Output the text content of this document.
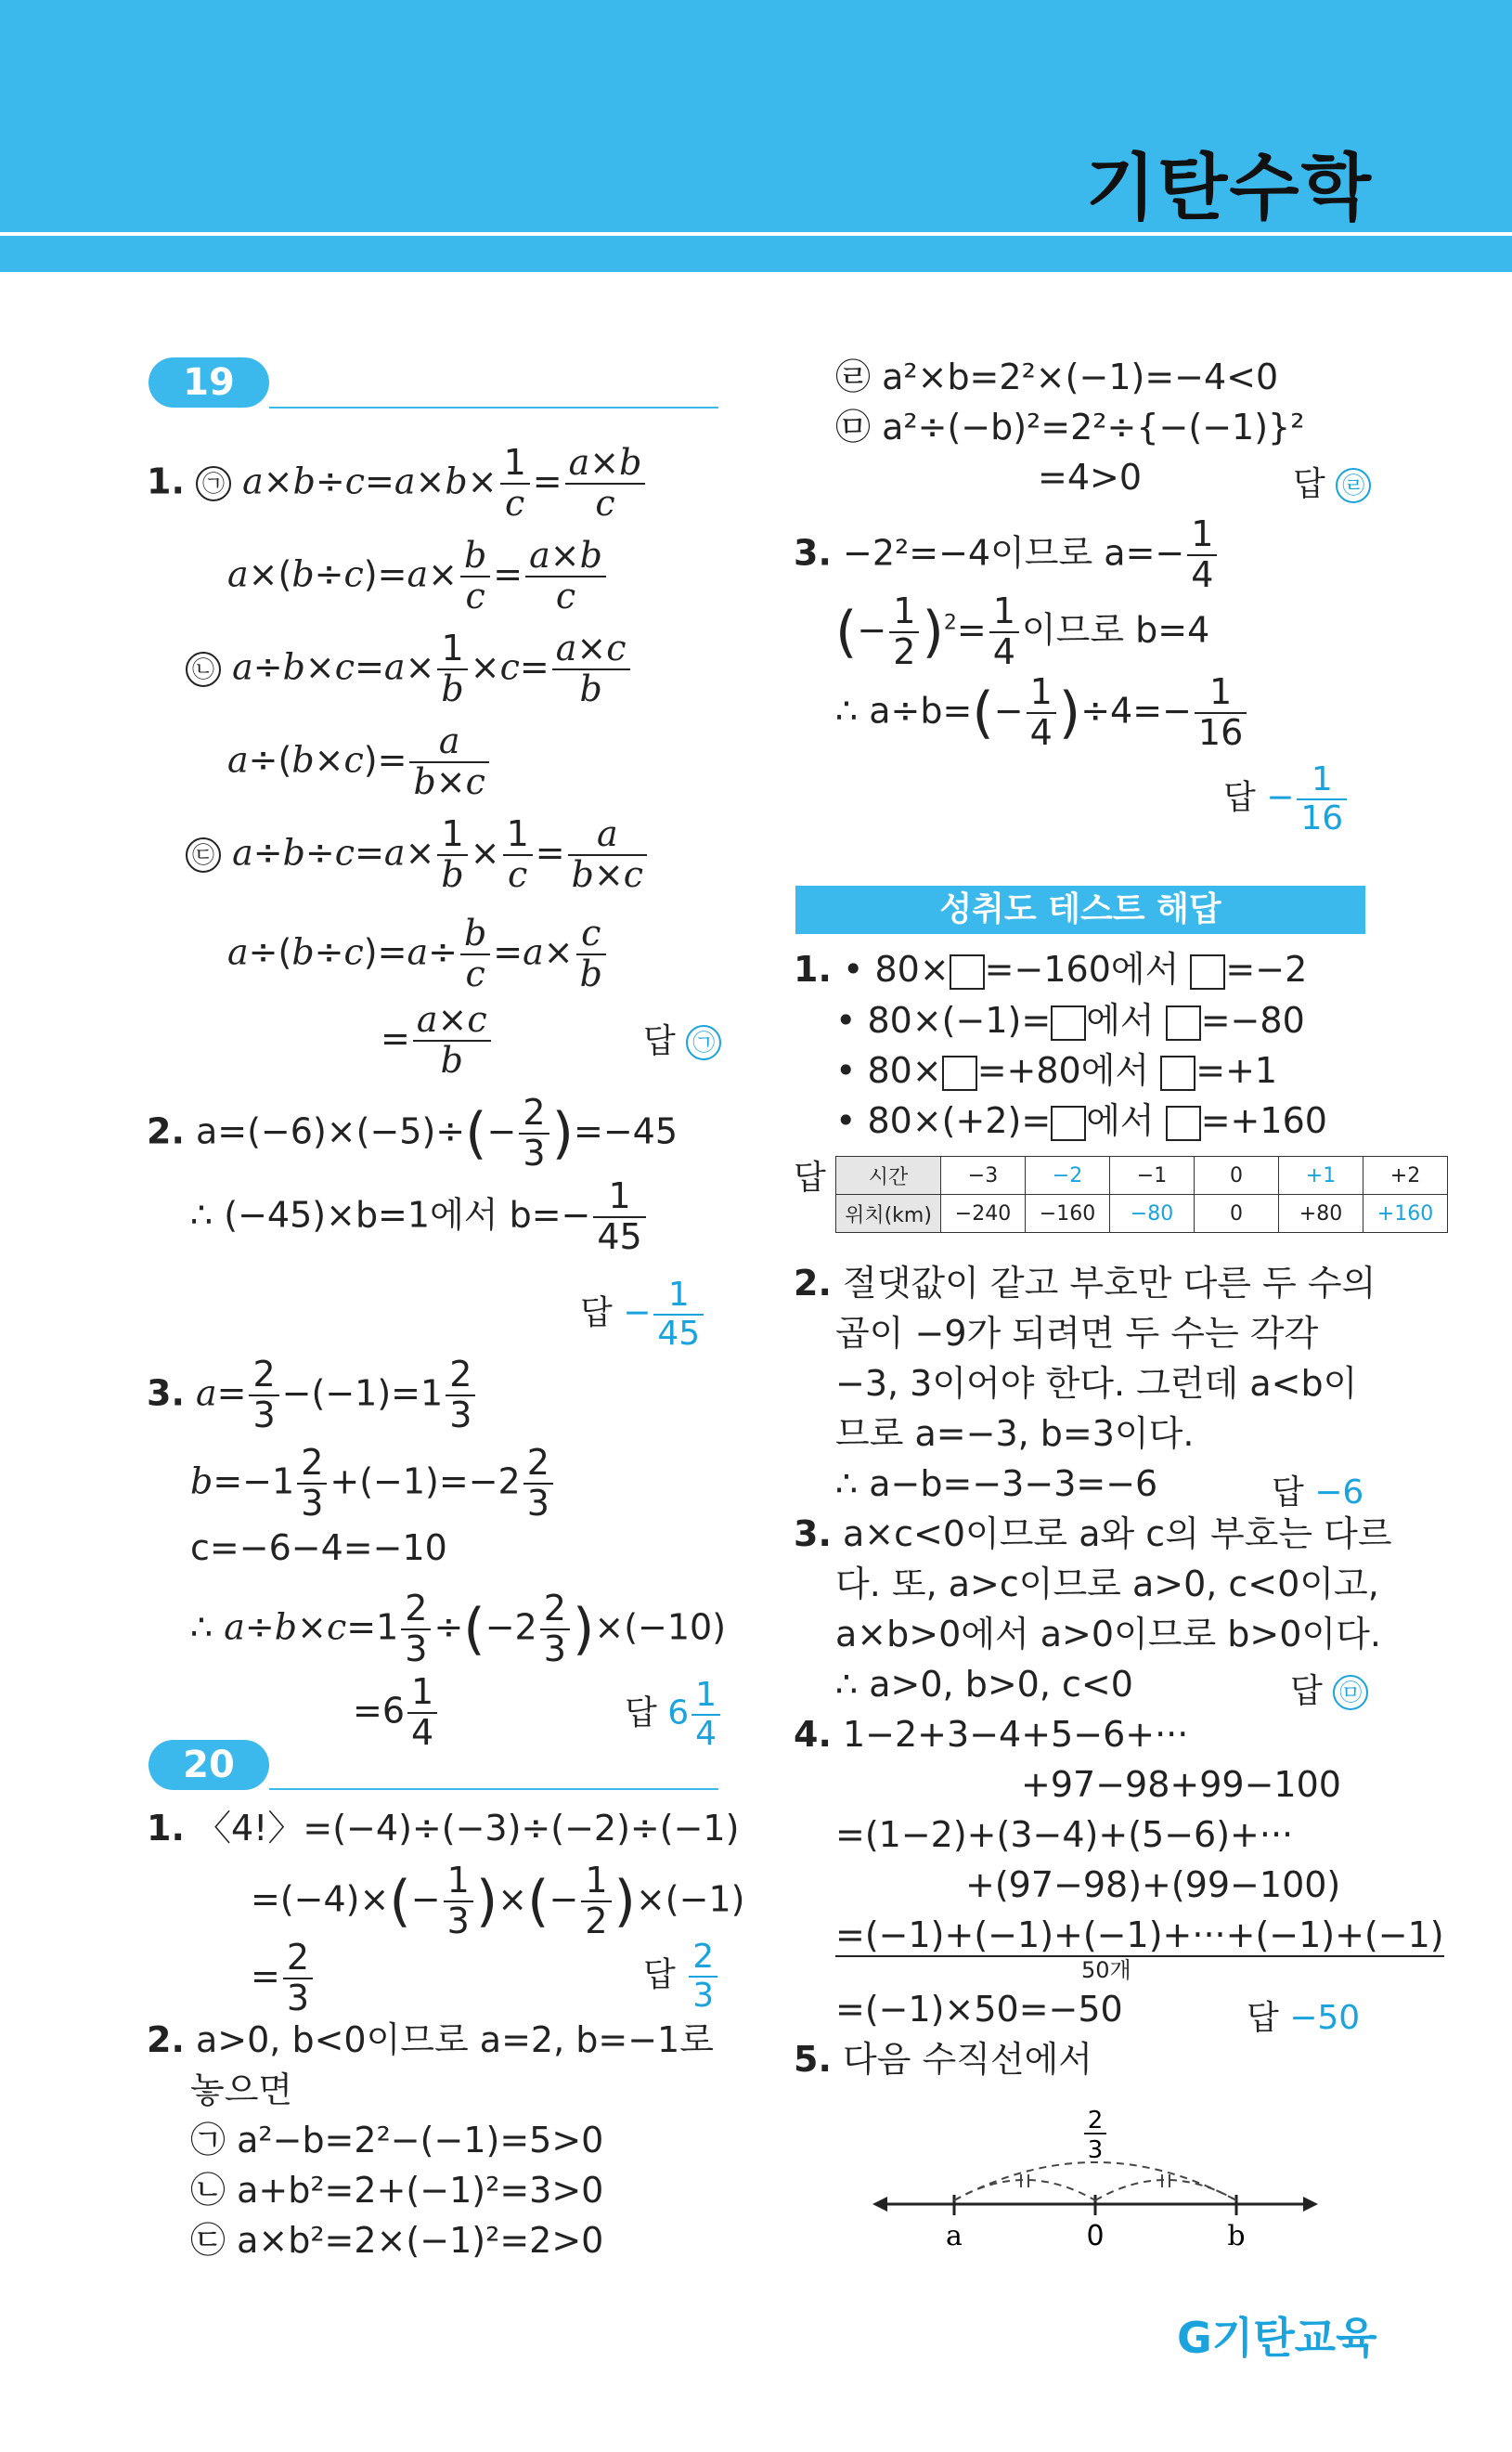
기탄수학
19
1. ㉠ $a\times b\div c=a\times b\times \frac{1}{c} = \frac{a\times b}{c}$
$a\times(b\div c)=a\times \frac{b}{c} = \frac{a\times b}{c}$
㉡ $a\div b\times c=a\times \frac{1}{b} \times c= \frac{a\times c}{b}$
$a\div(b\times c)= \frac{a}{b\times c}$
㉢ $a\div b\div c=a\times \frac{1}{b} \times \frac{1}{c} = \frac{a}{b\times c}$
$a\div(b\div c)=a\div \frac{b}{c} =a\times \frac{c}{b}$
= $\frac{a\times c}{b}$	답 ㉠
2. $a=(-6)\times(-5)\div(- \frac{2}{3} )=-45$
∴ (−45)×b=1에서 $b=- \frac{1}{45}$
답 − $\frac{1}{45}$
3. $a= \frac{2}{3} -(-1)=1 \frac{2}{3}$
$b=-1 \frac{2}{3} +(-1)=-2 \frac{2}{3}$
c=−6−4=−10
∴ $a\div b\times c=1 \frac{2}{3} \div(-2 \frac{2}{3} )\times(-10)$
$=6 \frac{1}{4}$	답 $6 \frac{1}{4}$
20
1. 〈4!〉=(−4)÷(−3)÷(−2)÷(−1)
$=(-4)\times(- \frac{1}{3}$ )×(− $\frac{1}{2} )\times(-1)$
= $\frac{2}{3}$	답 $\frac{2}{3}$
2. a>0, b<0이므로 a=2, b=−1로
놓으면
㉠ a²−b=2²−(−1)=5>0
㉡ a+b²=2+(−1)²=3>0
㉢ a×b²=2×(−1)²=2>0
㉣ a²×b=2²×(−1)=−4<0
㉤ a²÷(−b)²=2²÷{−(−1)}²
=4>0	답 ㉣
3. −2²=−4이므로 $a=- \frac{1}{4}$
(− $\frac{1}{2} )^2= \frac{1}{4}$ 이므로 b=4
∴ $a\div b=(- \frac{1}{4} )\div 4=- \frac{1}{16}$
답 − $\frac{1}{16}$
성취도 테스트 해답
1. • 80× =−160에서 =−2
• 80×(−1)= 에서 =−80
• 80× =+80에서 =+1
• 80×(+2)= 에서 =+160
답 시간	−3	−2	−1	0	+1	+2
위치(km)	−240	−160	−80	0	+80	+160
2. 절댓값이 같고 부호만 다른 두 수의
곱이 −9가 되려면 두 수는 각각
−3, 3이어야 한다. 그런데 a<b이
므로 a=−3, b=3이다.
∴ a−b=−3−3=−6	답 −6
3. a×c<0이므로 a와 c의 부호는 다르
다. 또, a>c이므로 a>0, c<0이고,
a×b>0에서 a>0이므로 b>0이다.
∴ a>0, b>0, c<0	답 ㉤
4. 1−2+3−4+5−6+···
+97−98+99−100
=(1−2)+(3−4)+(5−6)+···
+(97−98)+(99−100)
=(−1)+(−1)+(−1)+···+(−1)+(−1)
50개
=(−1)×50=−50	답 −50
5. 다음 수직선에서
2
3
a	0	b
G기탄교육
